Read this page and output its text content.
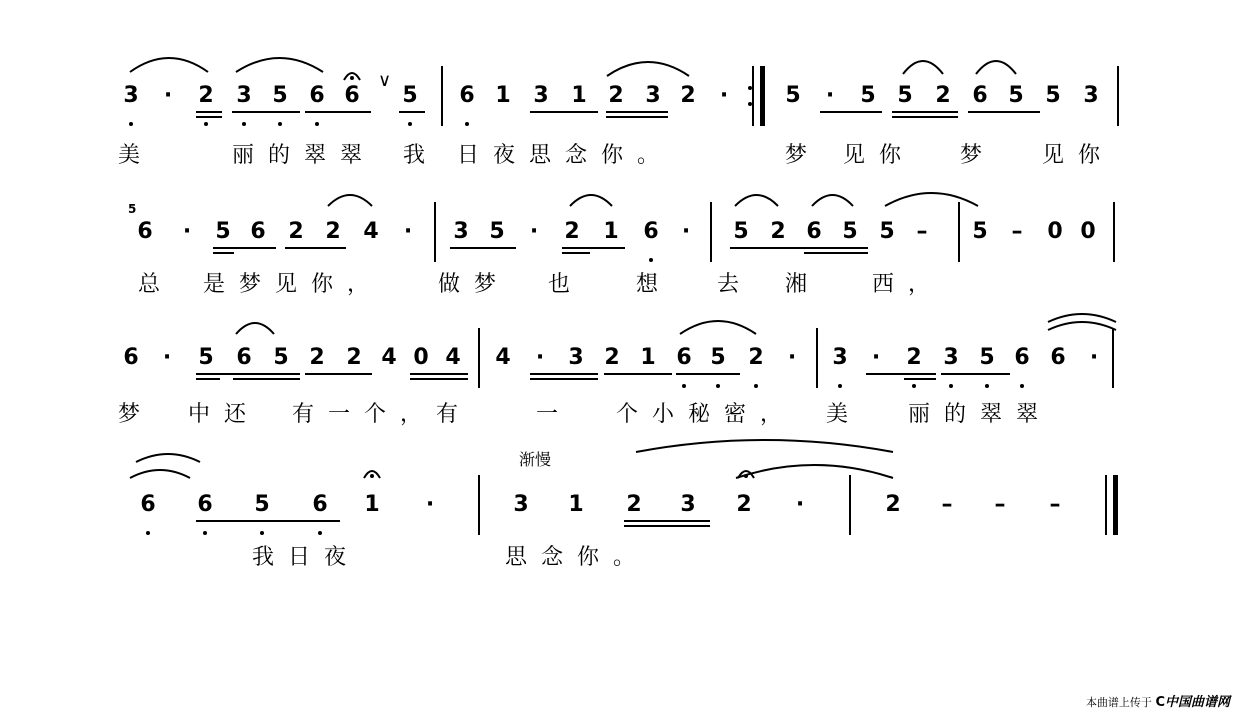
3	·	2 3 5 6 6 5 6 1 3 1 2 3 2	·	5	·	5 5 2 6 5 5 3
美	丽的翠翠 我 日夜思念你。	梦 见你 梦	见你
∨
6	·	5 6 2 2 4	·	3 5	·	2 1 6	·	5 2 6 5 5 – 5 – 0 0
总 是梦见你， 做梦 也	想	去 湘	西，
5
6	·	5 6 5 2 2 4 0 4 4	·	3 2 1 6 5 2	·	3	·	2 3 5 6 6	·
梦 中还 有一个，有	一	个小秘密， 美	丽的翠翠
6 6 5 6 1	·	3 1 2 3 2	·	2 – – –
我日夜	思念你。
渐慢
本曲谱上传于 C中国曲谱网
